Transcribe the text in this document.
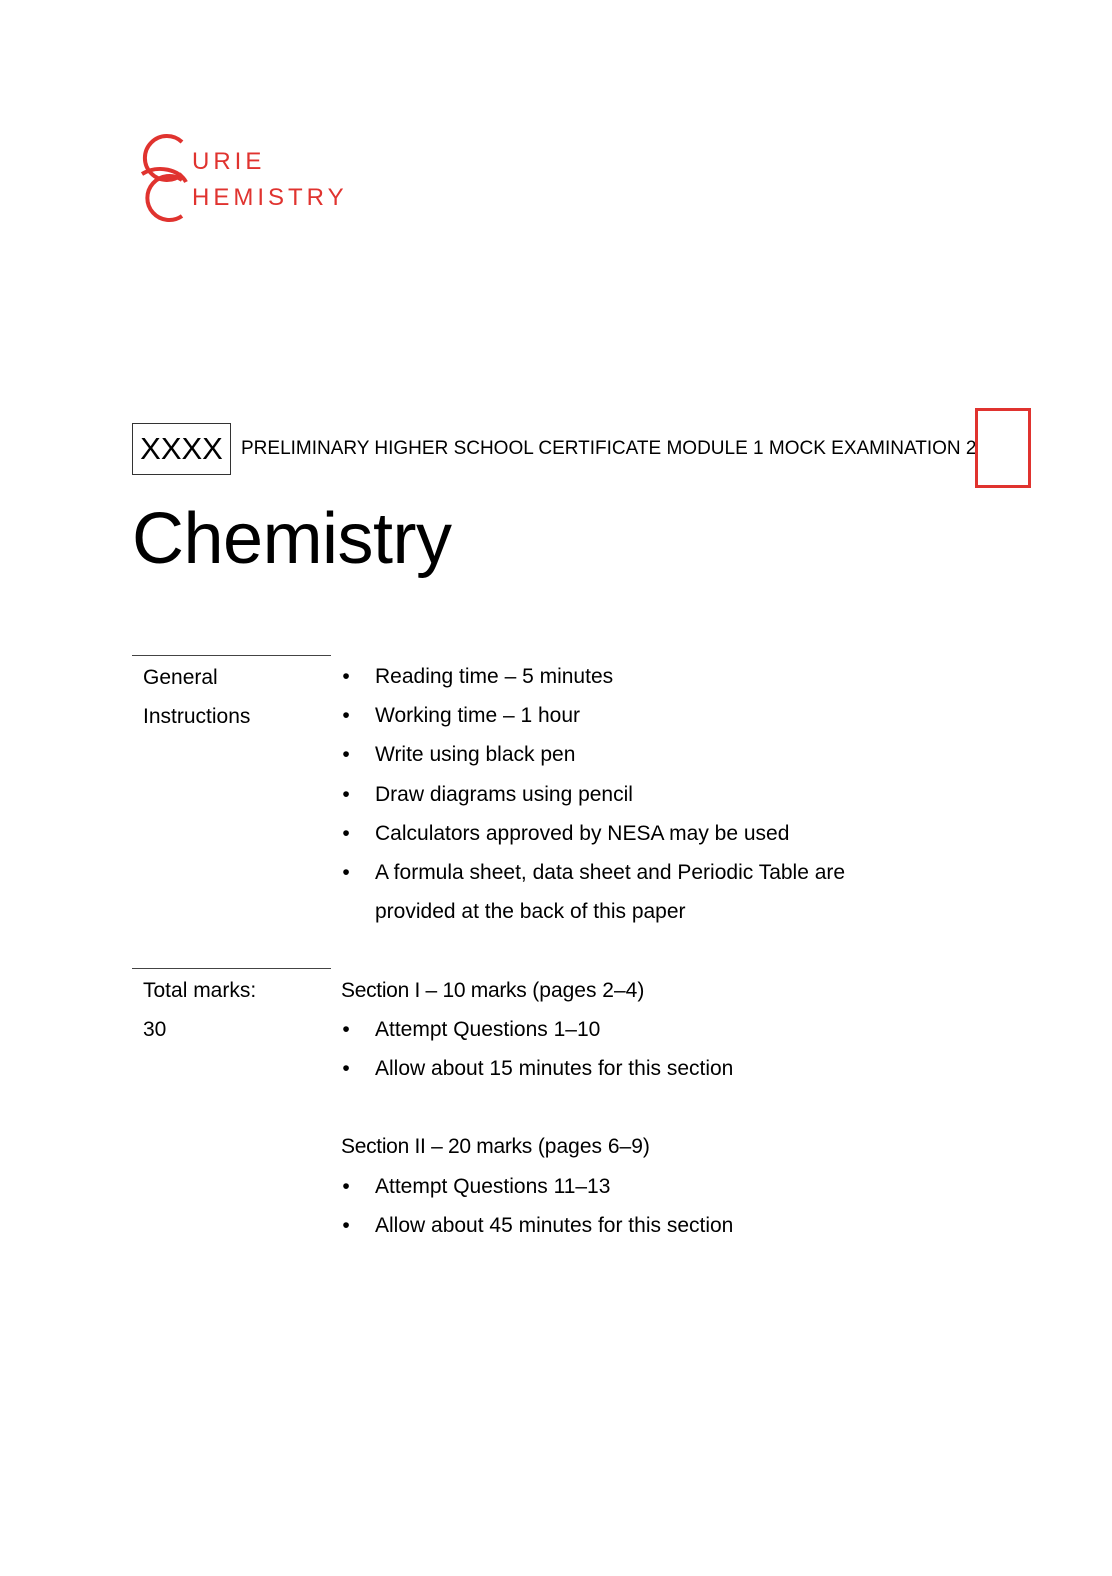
URIE
HEMISTRY
XXXX PRELIMINARY HIGHER SCHOOL CERTIFICATE MODULE 1 MOCK EXAMINATION 2
Chemistry
General
Instructions
• Reading time – 5 minutes
• Working time – 1 hour
• Write using black pen
• Draw diagrams using pencil
• Calculators approved by NESA may be used
• A formula sheet, data sheet and Periodic Table are
provided at the back of this paper
Total marks:
30
Section I – 10 marks (pages 2–4)
• Attempt Questions 1–10
• Allow about 15 minutes for this section
Section II – 20 marks (pages 6–9)
• Attempt Questions 11–13
• Allow about 45 minutes for this section
